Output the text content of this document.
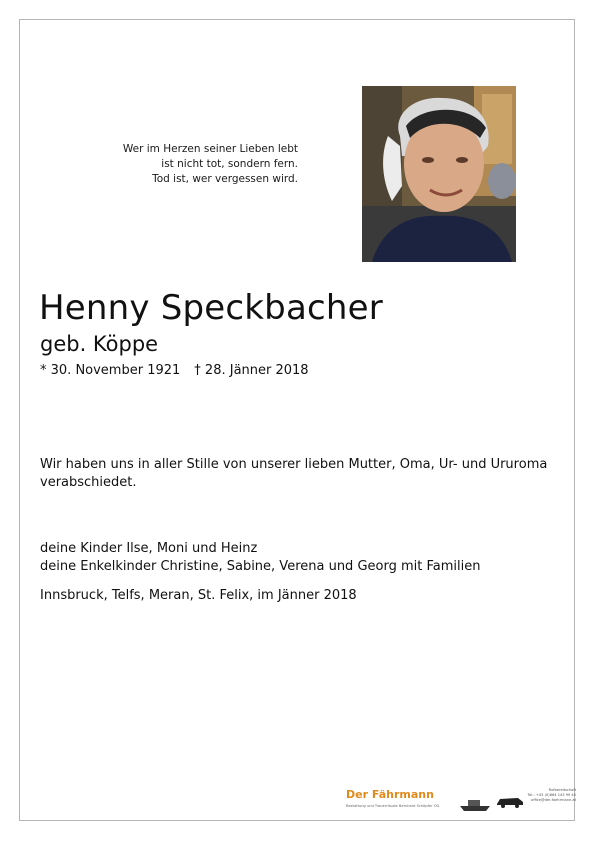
Wer im Herzen seiner Lieben lebt
ist nicht tot, sondern fern.
Tod ist, wer vergessen wird.
Henny Speckbacher
geb. Köppe
* 30. November 1921 † 28. Jänner 2018
Wir haben uns in aller Stille von unserer lieben Mutter, Oma, Ur- und Ururoma verabschiedet.
deine Kinder Ilse, Moni und Heinz
deine Enkelkinder Christine, Sabine, Verena und Georg mit Familien
Innsbruck, Telfs, Meran, St. Felix, im Jänner 2018
Der Fährmann
Bestattung und Trauerrituale Bernhard Schöpfer OG
Rufbereitschaft
Tel.: +43 (0)664 143 99 40
office@der-faehrmann.at
